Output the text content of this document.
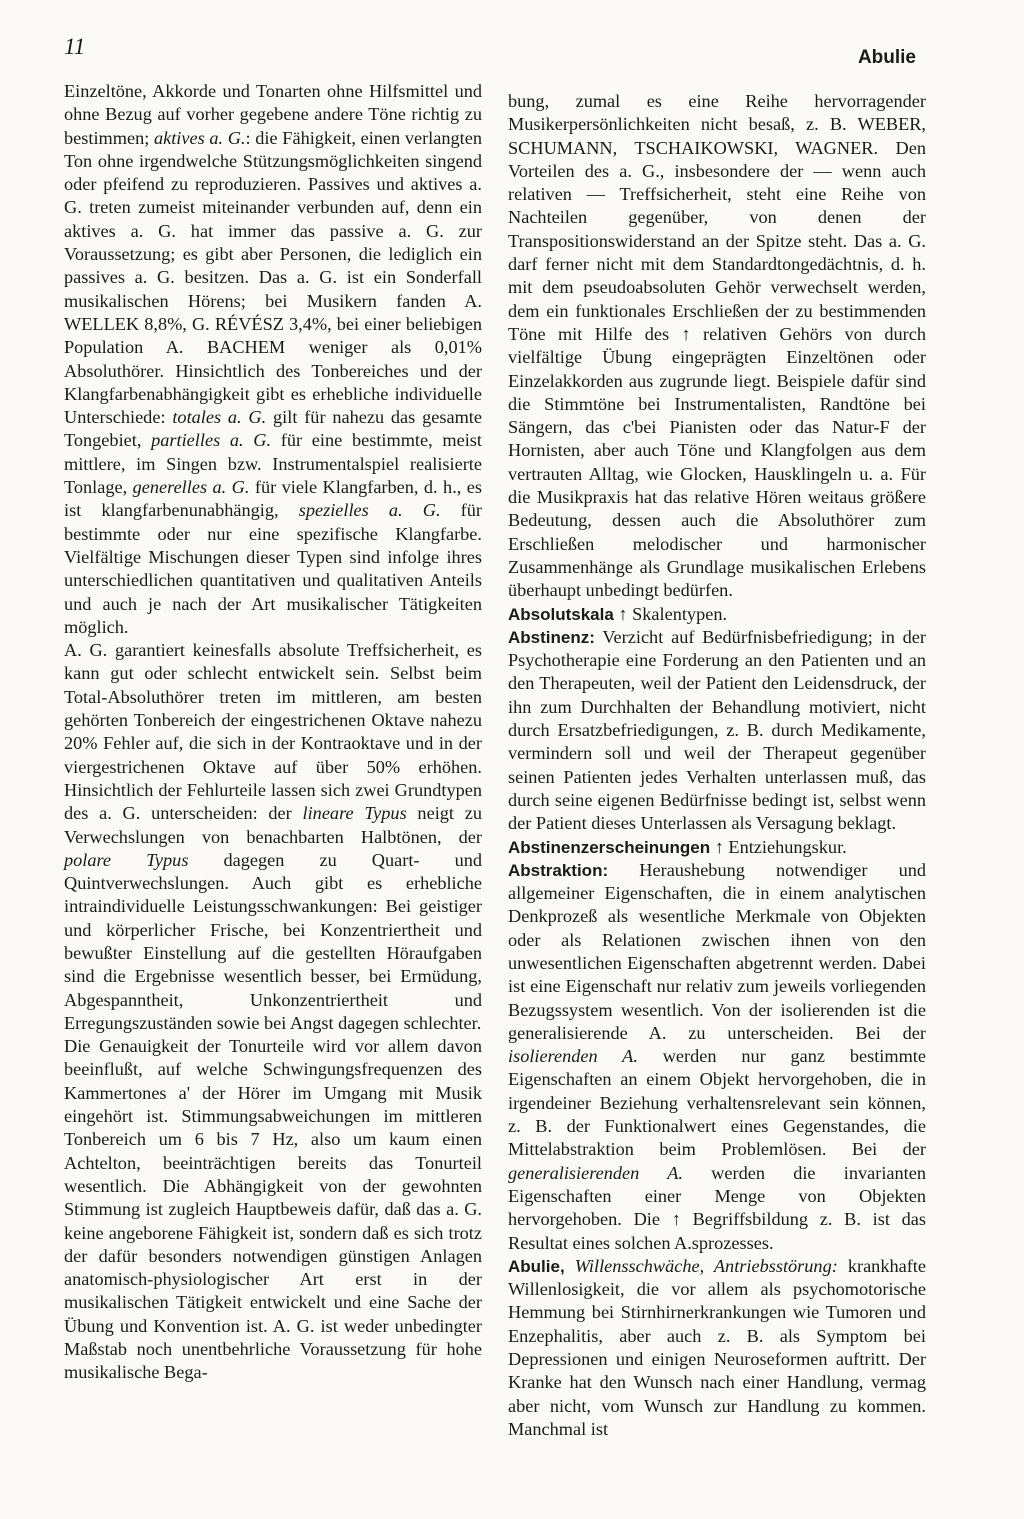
11	Abulie

Einzeltöne, Akkorde und Tonarten ohne Hilfsmittel und ohne Bezug auf vorher gegebene andere Töne richtig zu bestimmen; aktives a. G.: die Fähigkeit, einen verlangten Ton ohne irgendwelche Stützungsmöglichkeiten singend oder pfeifend zu reproduzieren. Passives und aktives a. G. treten zumeist miteinander verbunden auf, denn ein aktives a. G. hat immer das passive a. G. zur Voraussetzung; es gibt aber Personen, die lediglich ein passives a. G. besitzen. Das a. G. ist ein Sonderfall musikalischen Hörens; bei Musikern fanden A. WELLEK 8,8%, G. RÉVÉSZ 3,4%, bei einer beliebigen Population A. BACHEM weniger als 0,01% Absoluthörer. Hinsichtlich des Tonbereiches und der Klangfarbenabhängigkeit gibt es erhebliche individuelle Unterschiede: totales a. G. gilt für nahezu das gesamte Tongebiet, partielles a. G. für eine bestimmte, meist mittlere, im Singen bzw. Instrumentalspiel realisierte Tonlage, generelles a. G. für viele Klangfarben, d. h., es ist klangfarbenunabhängig, spezielles a. G. für bestimmte oder nur eine spezifische Klangfarbe. Vielfältige Mischungen dieser Typen sind infolge ihres unterschiedlichen quantitativen und qualitativen Anteils und auch je nach der Art musikalischer Tätigkeiten möglich.

A. G. garantiert keinesfalls absolute Treffsicherheit, es kann gut oder schlecht entwickelt sein. Selbst beim Total-Absoluthörer treten im mittleren, am besten gehörten Tonbereich der eingestrichenen Oktave nahezu 20% Fehler auf, die sich in der Kontraoktave und in der viergestrichenen Oktave auf über 50% erhöhen. Hinsichtlich der Fehlurteile lassen sich zwei Grundtypen des a. G. unterscheiden: der lineare Typus neigt zu Verwechslungen von benachbarten Halbtönen, der polare Typus dagegen zu Quart- und Quintverwechslungen. Auch gibt es erhebliche intraindividuelle Leistungsschwankungen: Bei geistiger und körperlicher Frische, bei Konzentriertheit und bewußter Einstellung auf die gestellten Höraufgaben sind die Ergebnisse wesentlich besser, bei Ermüdung, Abgespanntheit, Unkonzentriertheit und Erregungszuständen sowie bei Angst dagegen schlechter.

Die Genauigkeit der Tonurteile wird vor allem davon beeinflußt, auf welche Schwingungsfrequenzen des Kammertones a' der Hörer im Umgang mit Musik eingehört ist. Stimmungsabweichungen im mittleren Tonbereich um 6 bis 7 Hz, also um kaum einen Achtelton, beeinträchtigen bereits das Tonurteil wesentlich. Die Abhängigkeit von der gewohnten Stimmung ist zugleich Hauptbeweis dafür, daß das a. G. keine angeborene Fähigkeit ist, sondern daß es sich trotz der dafür besonders notwendigen günstigen Anlagen anatomisch-physiologischer Art erst in der musikalischen Tätigkeit entwickelt und eine Sache der Übung und Konvention ist. A. G. ist weder unbedingter Maßstab noch unentbehrliche Voraussetzung für hohe musikalische Bega-

bung, zumal es eine Reihe hervorragender Musikerpersönlichkeiten nicht besaß, z. B. WEBER, SCHUMANN, TSCHAIKOWSKI, WAGNER. Den Vorteilen des a. G., insbesondere der — wenn auch relativen — Treffsicherheit, steht eine Reihe von Nachteilen gegenüber, von denen der Transpositionswiderstand an der Spitze steht. Das a. G. darf ferner nicht mit dem Standardtongedächtnis, d. h. mit dem pseudoabsoluten Gehör verwechselt werden, dem ein funktionales Erschließen der zu bestimmenden Töne mit Hilfe des ↑ relativen Gehörs von durch vielfältige Übung eingeprägten Einzeltönen oder Einzelakkorden aus zugrunde liegt. Beispiele dafür sind die Stimmtöne bei Instrumentalisten, Randtöne bei Sängern, das c'bei Pianisten oder das Natur-F der Hornisten, aber auch Töne und Klangfolgen aus dem vertrauten Alltag, wie Glocken, Hausklingeln u. a. Für die Musikpraxis hat das relative Hören weitaus größere Bedeutung, dessen auch die Absoluthörer zum Erschließen melodischer und harmonischer Zusammenhänge als Grundlage musikalischen Erlebens überhaupt unbedingt bedürfen.

Absolutskala ↑ Skalentypen.

Abstinenz: Verzicht auf Bedürfnisbefriedigung; in der Psychotherapie eine Forderung an den Patienten und an den Therapeuten, weil der Patient den Leidensdruck, der ihn zum Durchhalten der Behandlung motiviert, nicht durch Ersatzbefriedigungen, z. B. durch Medikamente, vermindern soll und weil der Therapeut gegenüber seinen Patienten jedes Verhalten unterlassen muß, das durch seine eigenen Bedürfnisse bedingt ist, selbst wenn der Patient dieses Unterlassen als Versagung beklagt.

Abstinenzerscheinungen ↑ Entziehungskur.

Abstraktion: Heraushebung notwendiger und allgemeiner Eigenschaften, die in einem analytischen Denkprozeß als wesentliche Merkmale von Objekten oder als Relationen zwischen ihnen von den unwesentlichen Eigenschaften abgetrennt werden. Dabei ist eine Eigenschaft nur relativ zum jeweils vorliegenden Bezugssystem wesentlich. Von der isolierenden ist die generalisierende A. zu unterscheiden. Bei der isolierenden A. werden nur ganz bestimmte Eigenschaften an einem Objekt hervorgehoben, die in irgendeiner Beziehung verhaltensrelevant sein können, z. B. der Funktionalwert eines Gegenstandes, die Mittelabstraktion beim Problemlösen. Bei der generalisierenden A. werden die invarianten Eigenschaften einer Menge von Objekten hervorgehoben. Die ↑ Begriffsbildung z. B. ist das Resultat eines solchen A.sprozesses.

Abulie, Willensschwäche, Antriebsstörung: krankhafte Willenlosigkeit, die vor allem als psychomotorische Hemmung bei Stirnhirnerkrankungen wie Tumoren und Enzephalitis, aber auch z. B. als Symptom bei Depressionen und einigen Neuroseformen auftritt. Der Kranke hat den Wunsch nach einer Handlung, vermag aber nicht, vom Wunsch zur Handlung zu kommen. Manchmal ist
